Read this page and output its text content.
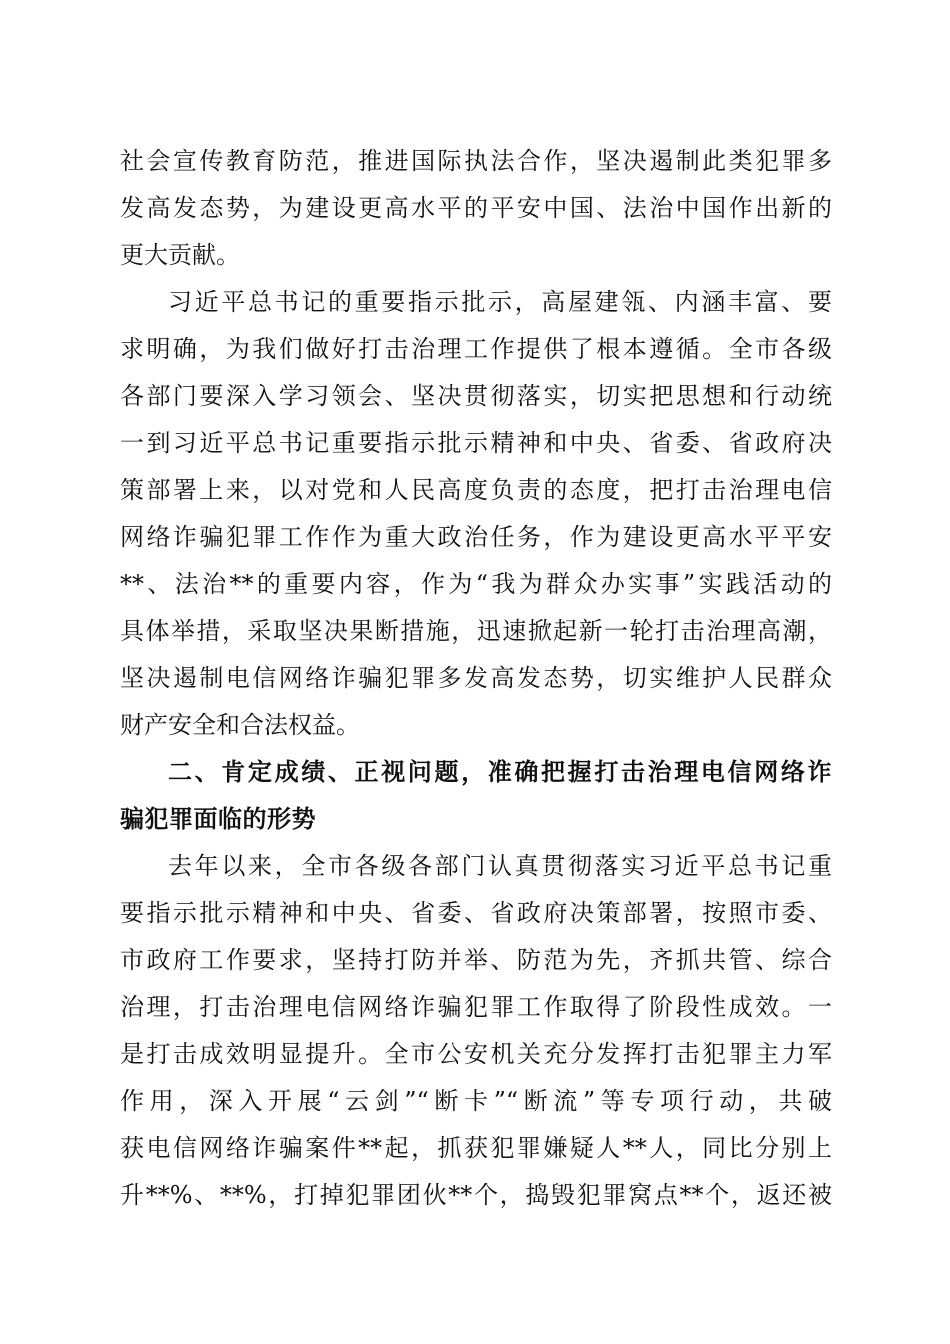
社会宣传教育防范，推进国际执法合作，坚决遏制此类犯罪多
发高发态势，为建设更高水平的平安中国、法治中国作出新的
更大贡献。
习近平总书记的重要指示批示，高屋建瓴、内涵丰富、要
求明确，为我们做好打击治理工作提供了根本遵循。全市各级
各部门要深入学习领会、坚决贯彻落实，切实把思想和行动统
一到习近平总书记重要指示批示精神和中央、省委、省政府决
策部署上来，以对党和人民高度负责的态度，把打击治理电信
网络诈骗犯罪工作作为重大政治任务，作为建设更高水平平安
**、法治**的重要内容，作为“我为群众办实事”实践活动的
具体举措，采取坚决果断措施，迅速掀起新一轮打击治理高潮，
坚决遏制电信网络诈骗犯罪多发高发态势，切实维护人民群众
财产安全和合法权益。
二、肯定成绩、正视问题，准确把握打击治理电信网络诈
骗犯罪面临的形势
去年以来，全市各级各部门认真贯彻落实习近平总书记重
要指示批示精神和中央、省委、省政府决策部署，按照市委、
市政府工作要求，坚持打防并举、防范为先，齐抓共管、综合
治理，打击治理电信网络诈骗犯罪工作取得了阶段性成效。一
是打击成效明显提升。全市公安机关充分发挥打击犯罪主力军
作用，深入开展“云剑”“断卡”“断流”等专项行动，共破
获电信网络诈骗案件**起，抓获犯罪嫌疑人**人，同比分别上
升**%、**%，打掉犯罪团伙**个，捣毁犯罪窝点**个，返还被
